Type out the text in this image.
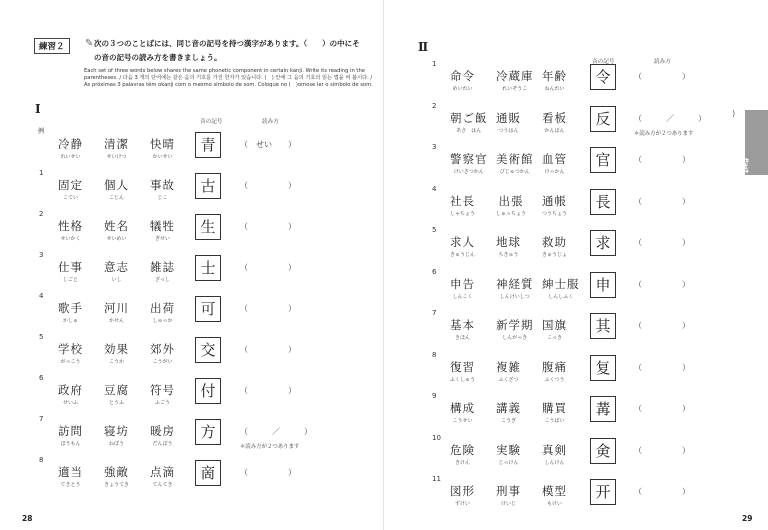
練習２	✎ 次の３つのことばには、同じ音の記号を持つ漢字があります。（　　）の中にその音の記号の読み方を書きましょう。
Each set of three words below shares the same phonetic component in certain kanji. Write its reading in the parentheses. / 다음 3 개의 단어에는 같은 음의 기호를 가진 한자가 있습니다. (　) 안에 그 음의 기호의 읽는 법을 써 봅시다. / As próximas 3 palavras têm okanji com o mesmo símbolo de som. Coloque no (　)omose ler o símbolo de som.
Ⅰ
音の記号	読み方
例
冷静
れいせい
清潔
せいけつ
快晴
かいせい
青	（　せい　　）
1
固定
こてい
個人
こじん
事故
じこ
古	（　　　　　）
2
性格
せいかく
姓名
せいめい
犠牲
ぎせい
生	（　　　　　）
3
仕事
しごと
意志
いし
雑誌
ざっし
士	（　　　　　）
4
歌手
かしゅ
河川
かせん
出荷
しゅっか
可	（　　　　　）
5
学校
がっこう
効果
こうか
郊外
こうがい
交	（　　　　　）
6
政府
せいふ
豆腐
とうふ
符号
ふごう
付	（　　　　　）
7
訪問
ほうもん
寝坊
ねぼう
暖房
だんぼう
方	（　　　／　　　）
＊読み方が２つあります
8
適当
てきとう
強敵
きょうてき
点滴
てんてき
啇	（　　　　　）
28
音の記号	読み方
1
命令
めいれい
冷蔵庫
れいぞうこ
年齢
ねんれい
令	（　　　　　）
2
朝ご飯
あさ　はん
通販
つうはん
看板
かんばん
反	（　　　／　　　）
＊読み方が２つあります
3
警察官
けいさつかん
美術館
びじゅつかん
血管
けっかん
官	（　　　　　）
4
社長
しゃちょう
出張
しゅっちょう
通帳
つうちょう
長	（　　　　　）
5
求人
きゅうじん
地球
ちきゅう
救助
きゅうじょ
求	（　　　　　）
6
申告
しんこく
神経質
しんけいしつ
紳士服
しんしふく
申	（　　　　　）
7
基本
きほん
新学期
しんがっき
国旗
こっき
其	（　　　　　）
8
復習
ふくしゅう
複雑
ふくざつ
腹痛
ふくつう
复	（　　　　　）
9
構成
こうせい
講義
こうぎ
購買
こうばい
冓	（　　　　　）
10
危険
きけん
実験
じっけん
真剣
しんけん
㑒	（　　　　　）
11
図形
ずけい
刑事
けいじ
模型
もけい
开	（　　　　　）
29
Ⅱ
)
Part 1
